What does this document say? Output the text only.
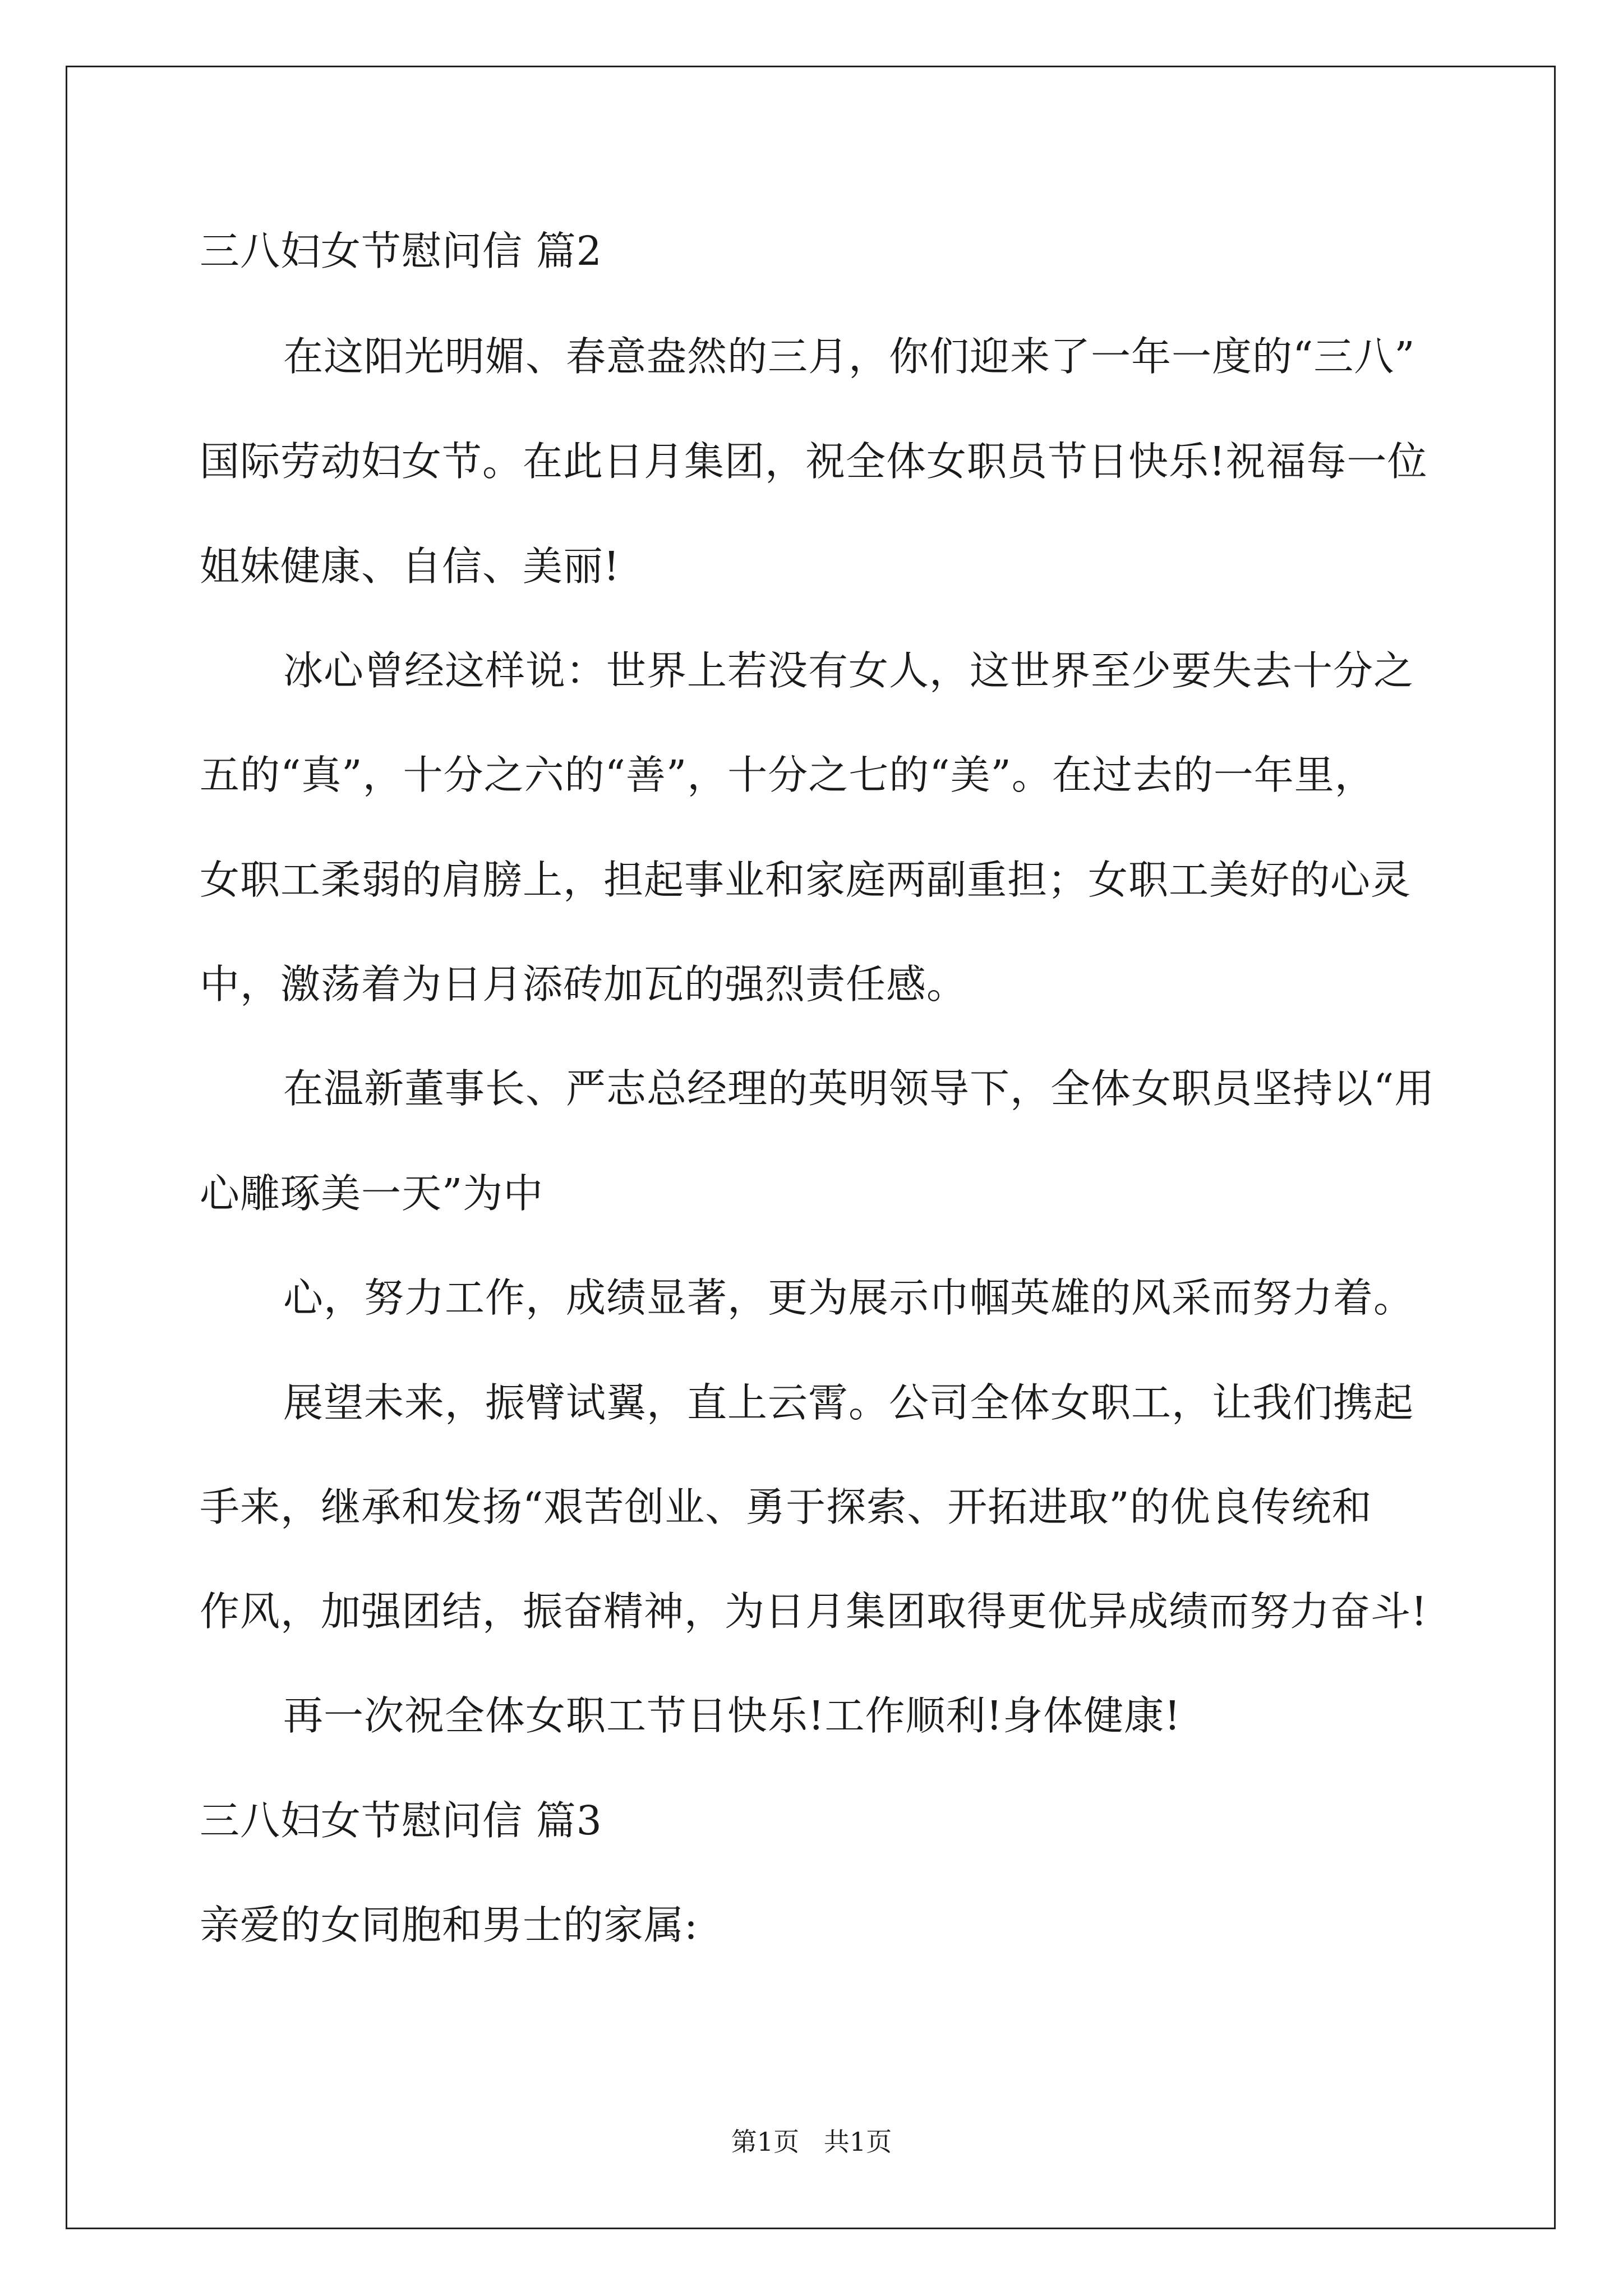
三八妇女节慰问信 篇2
在这阳光明媚、春意盎然的三月，你们迎来了一年一度的“三八”
国际劳动妇女节。在此日月集团，祝全体女职员节日快乐!祝福每一位
姐妹健康、自信、美丽!
冰心曾经这样说：世界上若没有女人，这世界至少要失去十分之
五的“真”，十分之六的“善”，十分之七的“美”。在过去的一年里，
女职工柔弱的肩膀上，担起事业和家庭两副重担；女职工美好的心灵
中，激荡着为日月添砖加瓦的强烈责任感。
在温新董事长、严志总经理的英明领导下，全体女职员坚持以“用
心雕琢美一天”为中
心，努力工作，成绩显著，更为展示巾帼英雄的风采而努力着。
展望未来，振臂试翼，直上云霄。公司全体女职工，让我们携起
手来，继承和发扬“艰苦创业、勇于探索、开拓进取”的优良传统和
作风，加强团结，振奋精神，为日月集团取得更优异成绩而努力奋斗!
再一次祝全体女职工节日快乐!工作顺利!身体健康!
三八妇女节慰问信 篇3
亲爱的女同胞和男士的家属:
第1页   共1页
